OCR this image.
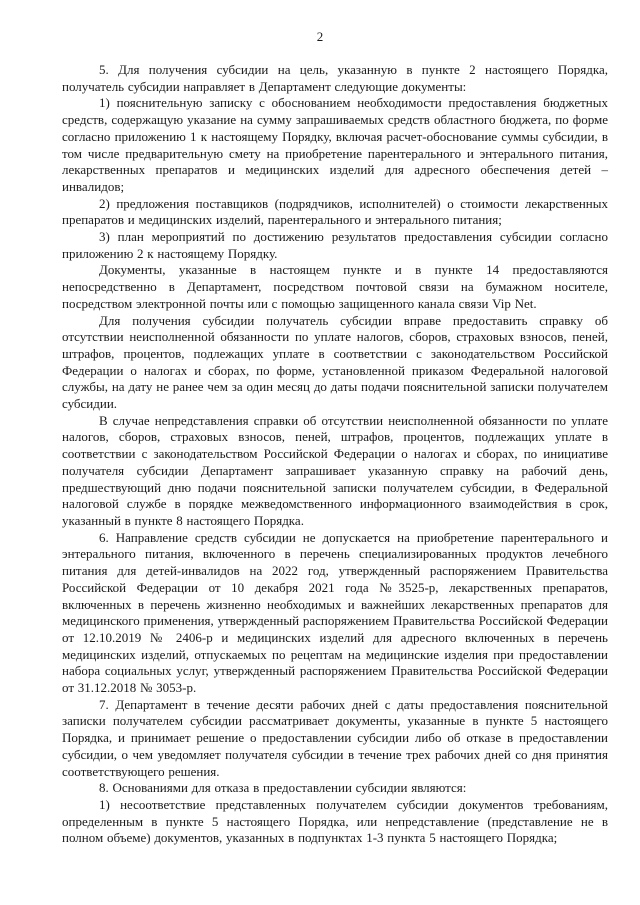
2

5. Для получения субсидии на цель, указанную в пункте 2 настоящего Порядка, получатель субсидии направляет в Департамент следующие документы:

1) пояснительную записку с обоснованием необходимости предоставления бюджетных средств, содержащую указание на сумму запрашиваемых средств областного бюджета, по форме согласно приложению 1 к настоящему Порядку, включая расчет-обоснование суммы субсидии, в том числе предварительную смету на приобретение парентерального и энтерального питания, лекарственных препаратов и медицинских изделий для адресного обеспечения детей – инвалидов;

2) предложения поставщиков (подрядчиков, исполнителей) о стоимости лекарственных препаратов и медицинских изделий, парентерального и энтерального питания;

3) план мероприятий по достижению результатов предоставления субсидии согласно приложению 2 к настоящему Порядку.

Документы, указанные в настоящем пункте и в пункте 14 предоставляются непосредственно в Департамент, посредством почтовой связи на бумажном носителе, посредством электронной почты или с помощью защищенного канала связи Vip Net.

Для получения субсидии получатель субсидии вправе предоставить справку об отсутствии неисполненной обязанности по уплате налогов, сборов, страховых взносов, пеней, штрафов, процентов, подлежащих уплате в соответствии с законодательством Российской Федерации о налогах и сборах, по форме, установленной приказом Федеральной налоговой службы, на дату не ранее чем за один месяц до даты подачи пояснительной записки получателем субсидии.

В случае непредставления справки об отсутствии неисполненной обязанности по уплате налогов, сборов, страховых взносов, пеней, штрафов, процентов, подлежащих уплате в соответствии с законодательством Российской Федерации о налогах и сборах, по инициативе получателя субсидии Департамент запрашивает указанную справку на рабочий день, предшествующий дню подачи пояснительной записки получателем субсидии, в Федеральной налоговой службе в порядке межведомственного информационного взаимодействия в срок, указанный в пункте 8 настоящего Порядка.

6. Направление средств субсидии не допускается на приобретение парентерального и энтерального питания, включенного в перечень специализированных продуктов лечебного питания для детей-инвалидов на 2022 год, утвержденный распоряжением Правительства Российской Федерации от 10 декабря 2021 года №3525-р, лекарственных препаратов, включенных в перечень жизненно необходимых и важнейших лекарственных препаратов для медицинского применения, утвержденный распоряжением Правительства Российской Федерации от 12.10.2019 № 2406-р и медицинских изделий для адресного включенных в перечень медицинских изделий, отпускаемых по рецептам на медицинские изделия при предоставлении набора социальных услуг, утвержденный распоряжением Правительства Российской Федерации от 31.12.2018 № 3053-р.

7. Департамент в течение десяти рабочих дней с даты предоставления пояснительной записки получателем субсидии рассматривает документы, указанные в пункте 5 настоящего Порядка, и принимает решение о предоставлении субсидии либо об отказе в предоставлении субсидии, о чем уведомляет получателя субсидии в течение трех рабочих дней со дня принятия соответствующего решения.

8. Основаниями для отказа в предоставлении субсидии являются:

1) несоответствие представленных получателем субсидии документов требованиям, определенным в пункте 5 настоящего Порядка, или непредставление (представление не в полном объеме) документов, указанных в подпунктах 1-3 пункта 5 настоящего Порядка;
